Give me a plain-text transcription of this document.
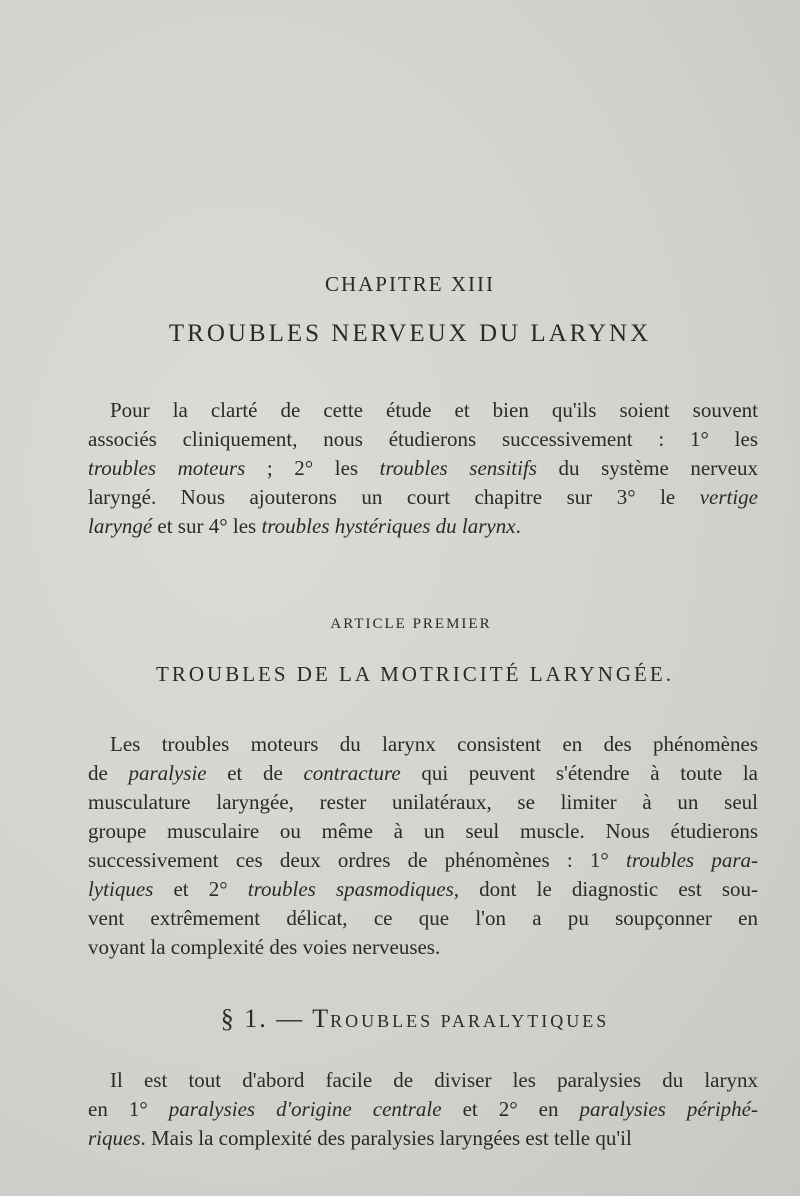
CHAPITRE XIII
TROUBLES NERVEUX DU LARYNX
Pour la clarté de cette étude et bien qu'ils soient souvent
associés cliniquement, nous étudierons successivement : 1° les
troubles moteurs ; 2° les troubles sensitifs du système nerveux
laryngé. Nous ajouterons un court chapitre sur 3° le vertige
laryngé et sur 4° les troubles hystériques du larynx.
ARTICLE PREMIER
TROUBLES DE LA MOTRICITÉ LARYNGÉE.
Les troubles moteurs du larynx consistent en des phénomènes
de paralysie et de contracture qui peuvent s'étendre à toute la
musculature laryngée, rester unilatéraux, se limiter à un seul
groupe musculaire ou même à un seul muscle. Nous étudierons
successivement ces deux ordres de phénomènes : 1° troubles para-
lytiques et 2° troubles spasmodiques, dont le diagnostic est sou-
vent extrêmement délicat, ce que l'on a pu soupçonner en
voyant la complexité des voies nerveuses.
§ 1. — TROUBLES PARALYTIQUES
Il est tout d'abord facile de diviser les paralysies du larynx
en 1° paralysies d'origine centrale et 2° en paralysies périphé-
riques. Mais la complexité des paralysies laryngées est telle qu'il
